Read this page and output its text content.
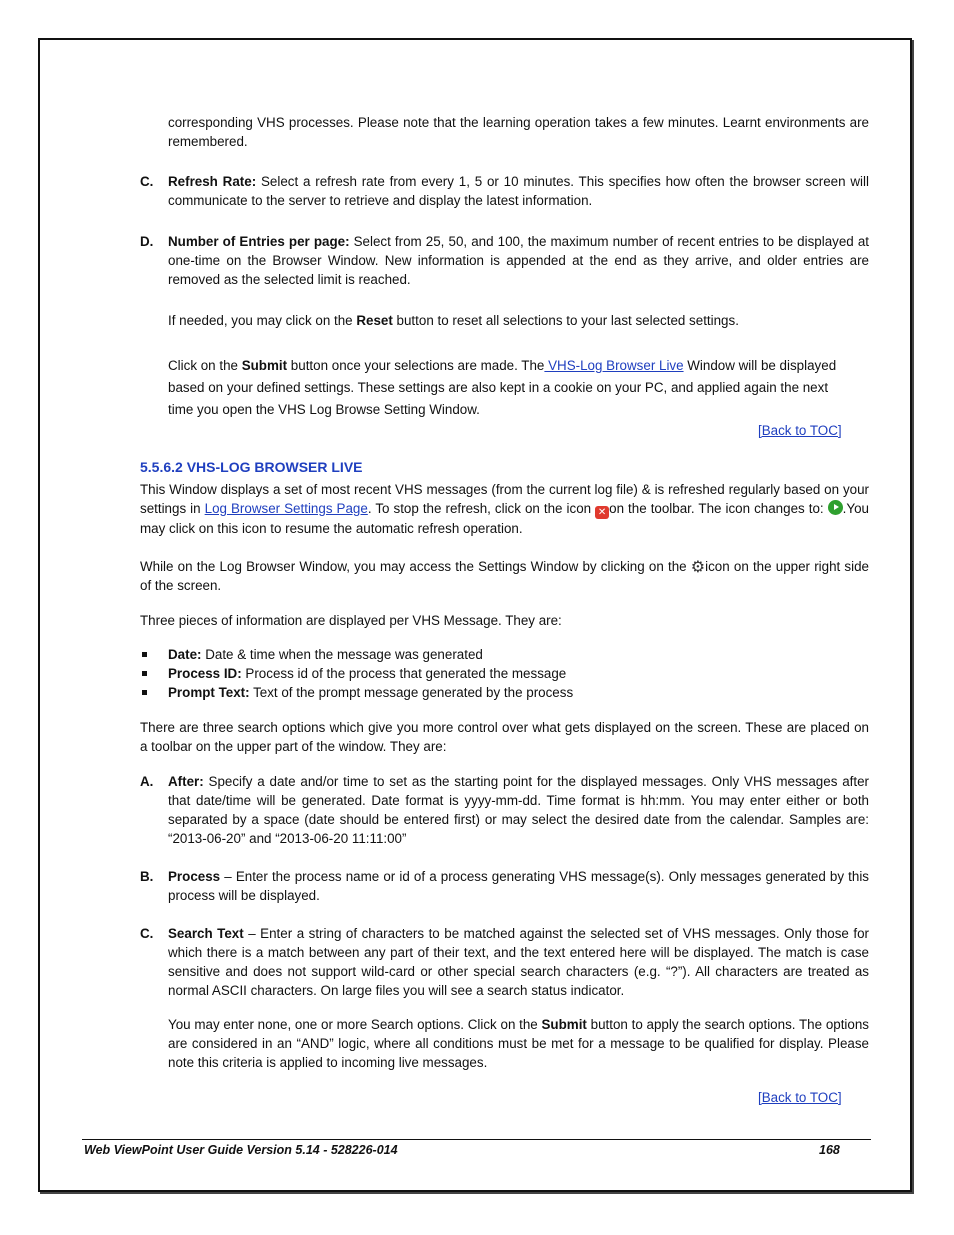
corresponding VHS processes. Please note that the learning operation takes a few minutes. Learnt environments are remembered.
C. Refresh Rate: Select a refresh rate from every 1, 5 or 10 minutes. This specifies how often the browser screen will communicate to the server to retrieve and display the latest information.
D. Number of Entries per page: Select from 25, 50, and 100, the maximum number of recent entries to be displayed at one-time on the Browser Window. New information is appended at the end as they arrive, and older entries are removed as the selected limit is reached.
If needed, you may click on the Reset button to reset all selections to your last selected settings.
Click on the Submit button once your selections are made. The VHS-Log Browser Live Window will be displayed based on your defined settings. These settings are also kept in a cookie on your PC, and applied again the next time you open the VHS Log Browse Setting Window.
[Back to TOC]
5.5.6.2 VHS-LOG BROWSER LIVE
This Window displays a set of most recent VHS messages (from the current log file) & is refreshed regularly based on your settings in Log Browser Settings Page. To stop the refresh, click on the icon ✕ on the toolbar. The icon changes to: .You may click on this icon to resume the automatic refresh operation.
While on the Log Browser Window, you may access the Settings Window by clicking on the ⚙icon on the upper right side of the screen.
Three pieces of information are displayed per VHS Message. They are:
Date: Date & time when the message was generated
Process ID: Process id of the process that generated the message
Prompt Text: Text of the prompt message generated by the process
There are three search options which give you more control over what gets displayed on the screen. These are placed on a toolbar on the upper part of the window. They are:
A. After: Specify a date and/or time to set as the starting point for the displayed messages. Only VHS messages after that date/time will be generated. Date format is yyyy-mm-dd. Time format is hh:mm. You may enter either or both separated by a space (date should be entered first) or may select the desired date from the calendar. Samples are: “2013-06-20” and “2013-06-20 11:11:00”
B. Process – Enter the process name or id of a process generating VHS message(s). Only messages generated by this process will be displayed.
C. Search Text – Enter a string of characters to be matched against the selected set of VHS messages. Only those for which there is a match between any part of their text, and the text entered here will be displayed. The match is case sensitive and does not support wild-card or other special search characters (e.g. “?”). All characters are treated as normal ASCII characters. On large files you will see a search status indicator.
You may enter none, one or more Search options. Click on the Submit button to apply the search options. The options are considered in an “AND” logic, where all conditions must be met for a message to be qualified for display. Please note this criteria is applied to incoming live messages.
[Back to TOC]
Web ViewPoint User Guide Version 5.14 - 528226-014	168
